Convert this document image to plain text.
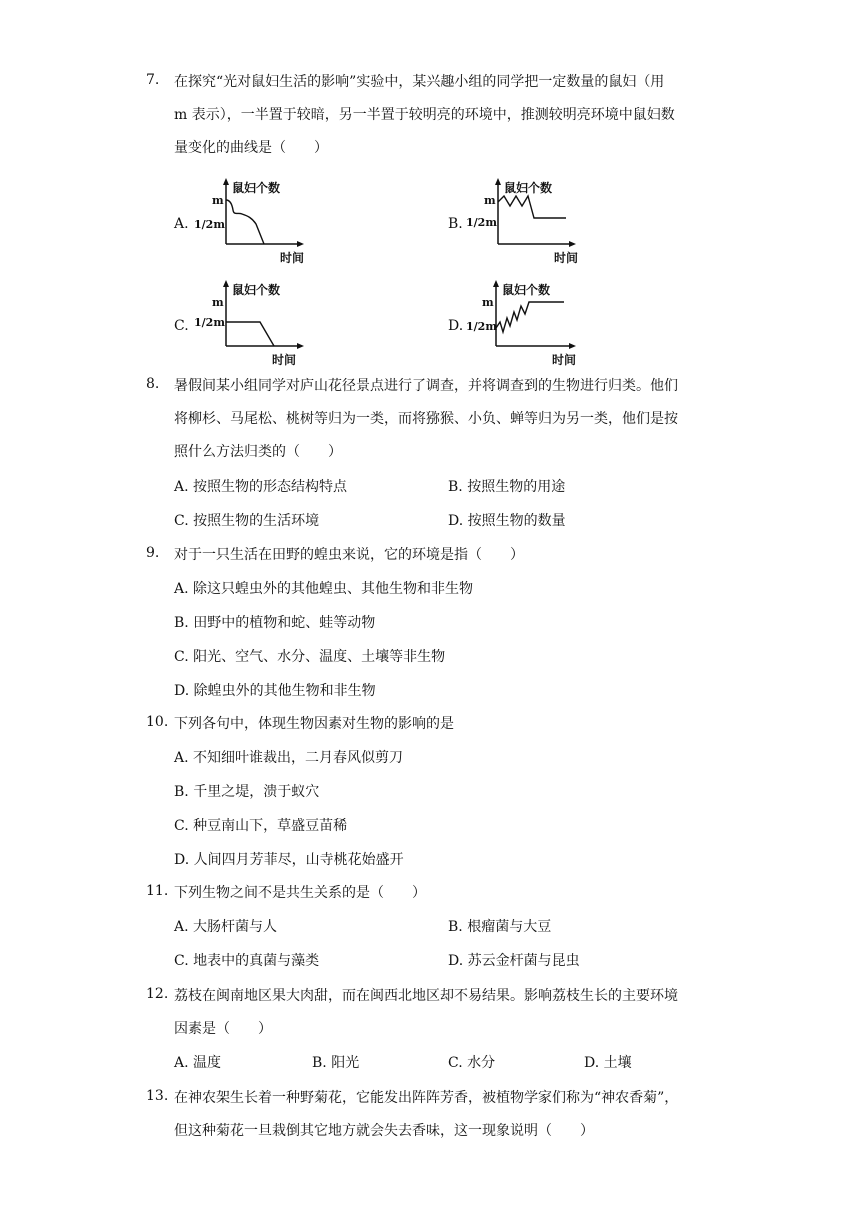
7.	在探究“光对鼠妇生活的影响”实验中，某兴趣小组的同学把一定数量的鼠妇（用
m 表示），一半置于较暗，另一半置于较明亮的环境中，推测较明亮环境中鼠妇数
量变化的曲线是（　　）
A.
鼠妇个数
m
1/2m
时间
B.
鼠妇个数
m
1/2m
时间
C.
鼠妇个数
m
1/2m
时间
D.
鼠妇个数
m
1/2m
时间
8.	暑假间某小组同学对庐山花径景点进行了调查，并将调查到的生物进行归类。他们
将柳杉、马尾松、桃树等归为一类，而将猕猴、小负、蝉等归为另一类，他们是按
照什么方法归类的（　　）
A. 按照生物的形态结构特点	B. 按照生物的用途
C. 按照生物的生活环境	D. 按照生物的数量
9.	对于一只生活在田野的蝗虫来说，它的环境是指（　　）
A. 除这只蝗虫外的其他蝗虫、其他生物和非生物
B. 田野中的植物和蛇、蛙等动物
C. 阳光、空气、水分、温度、土壤等非生物
D. 除蝗虫外的其他生物和非生物
10. 下列各句中，体现生物因素对生物的影响的是
A. 不知细叶谁裁出，二月春风似剪刀
B. 千里之堤，溃于蚁穴
C. 种豆南山下，草盛豆苗稀
D. 人间四月芳菲尽，山寺桃花始盛开
11. 下列生物之间不是共生关系的是（　　）
A. 大肠杆菌与人	B. 根瘤菌与大豆
C. 地表中的真菌与藻类	D. 苏云金杆菌与昆虫
12. 荔枝在闽南地区果大肉甜，而在闽西北地区却不易结果。影响荔枝生长的主要环境
因素是（　　）
A. 温度	B. 阳光	C. 水分	D. 土壤
13. 在神农架生长着一种野菊花，它能发出阵阵芳香，被植物学家们称为“神农香菊”，
但这种菊花一旦栽倒其它地方就会失去香味，这一现象说明（　　）
